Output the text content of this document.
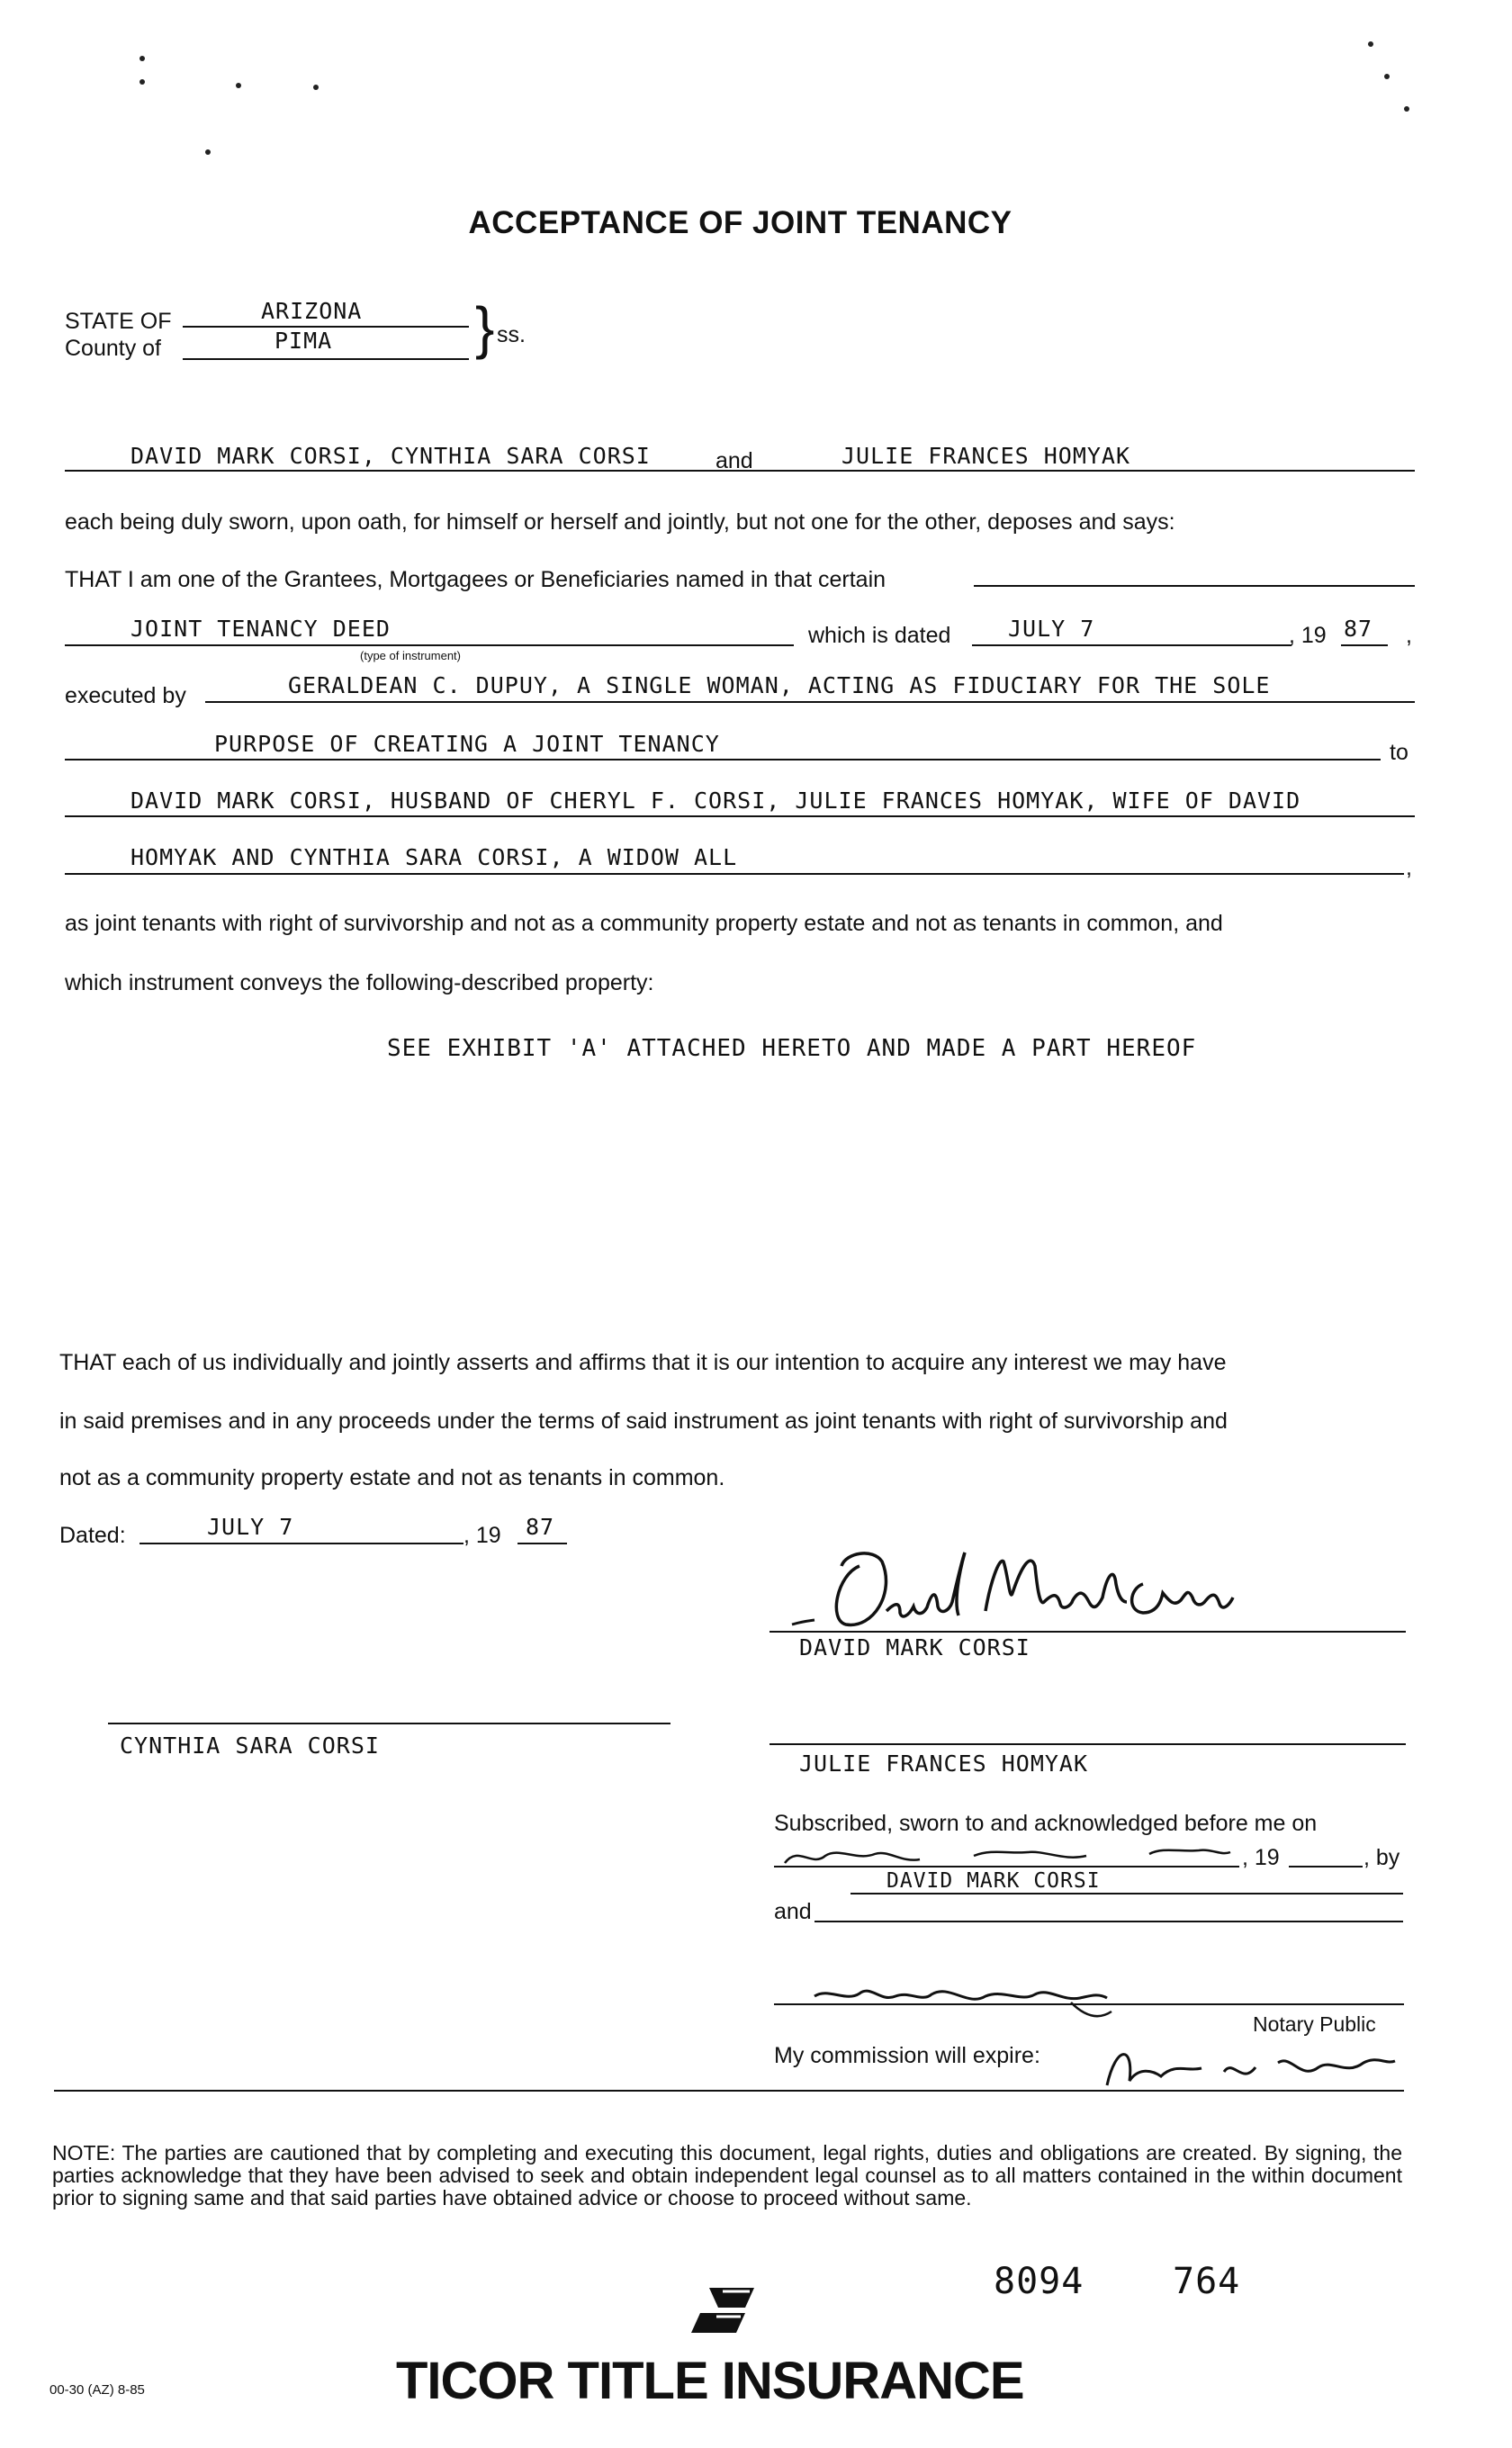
ACCEPTANCE OF JOINT TENANCY
STATE OF	ARIZONA
County of	PIMA } ss.
DAVID MARK CORSI, CYNTHIA SARA CORSI	and	JULIE FRANCES HOMYAK
each being duly sworn, upon oath, for himself or herself and jointly, but not one for the other, deposes and says:
THAT I am one of the Grantees, Mortgagees or Beneficiaries named in that certain
JOINT TENANCY DEED
(type of instrument)
which is dated	JULY 7	, 19 87 ,
executed by	GERALDEAN C. DUPUY, A SINGLE WOMAN, ACTING AS FIDUCIARY FOR THE SOLE
PURPOSE OF CREATING A JOINT TENANCY	to
DAVID MARK CORSI, HUSBAND OF CHERYL F. CORSI, JULIE FRANCES HOMYAK, WIFE OF DAVID
HOMYAK AND CYNTHIA SARA CORSI, A WIDOW ALL	,
as joint tenants with right of survivorship and not as a community property estate and not as tenants in common, and
which instrument conveys the following-described property:
SEE EXHIBIT 'A' ATTACHED HERETO AND MADE A PART HEREOF
THAT each of us individually and jointly asserts and affirms that it is our intention to acquire any interest we may have
in said premises and in any proceeds under the terms of said instrument as joint tenants with right of survivorship and
not as a community property estate and not as tenants in common.
Dated:	JULY 7	, 19 87
DAVID MARK CORSI
CYNTHIA SARA CORSI
JULIE FRANCES HOMYAK
Subscribed, sworn to and acknowledged before me on
, 19	, by
DAVID MARK CORSI
and
Notary Public
My commission will expire:
NOTE: The parties are cautioned that by completing and executing this document, legal rights, duties and obligations are created. By signing, the parties acknowledge that they have been advised to seek and obtain independent legal counsel as to all matters contained in the within document prior to signing same and that said parties have obtained advice or choose to proceed without same.
8094 764
00-30 (AZ) 8-85	TICOR TITLE INSURANCE
